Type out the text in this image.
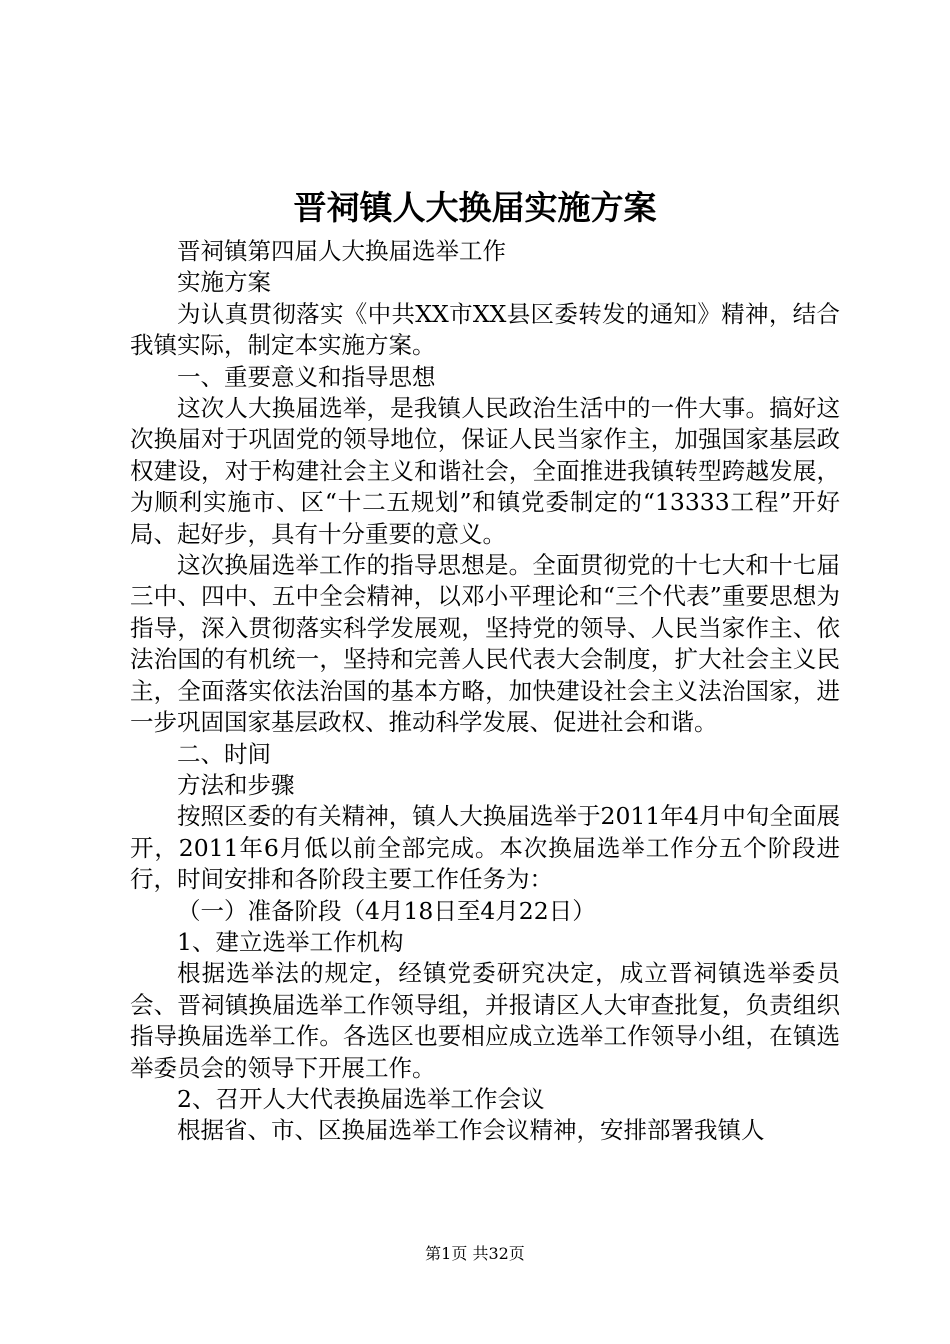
晋祠镇人大换届实施方案

晋祠镇第四届人大换届选举工作

实施方案

为认真贯彻落实《中共XX市XX县区委转发的通知》精神，结合我镇实际，制定本实施方案。

一、重要意义和指导思想

这次人大换届选举，是我镇人民政治生活中的一件大事。搞好这次换届对于巩固党的领导地位，保证人民当家作主，加强国家基层政权建设，对于构建社会主义和谐社会，全面推进我镇转型跨越发展，为顺利实施市、区“十二五规划”和镇党委制定的“13333工程”开好局、起好步，具有十分重要的意义。

这次换届选举工作的指导思想是。全面贯彻党的十七大和十七届三中、四中、五中全会精神，以邓小平理论和“三个代表”重要思想为指导，深入贯彻落实科学发展观，坚持党的领导、人民当家作主、依法治国的有机统一，坚持和完善人民代表大会制度，扩大社会主义民主，全面落实依法治国的基本方略，加快建设社会主义法治国家，进一步巩固国家基层政权、推动科学发展、促进社会和谐。

二、时间

方法和步骤

按照区委的有关精神，镇人大换届选举于2011年4月中旬全面展开，2011年6月低以前全部完成。本次换届选举工作分五个阶段进行，时间安排和各阶段主要工作任务为：

（一）准备阶段（4月18日至4月22日）

1、建立选举工作机构

根据选举法的规定，经镇党委研究决定，成立晋祠镇选举委员会、晋祠镇换届选举工作领导组，并报请区人大审查批复，负责组织指导换届选举工作。各选区也要相应成立选举工作领导小组，在镇选举委员会的领导下开展工作。

2、召开人大代表换届选举工作会议

根据省、市、区换届选举工作会议精神，安排部署我镇人

第1页 共32页
